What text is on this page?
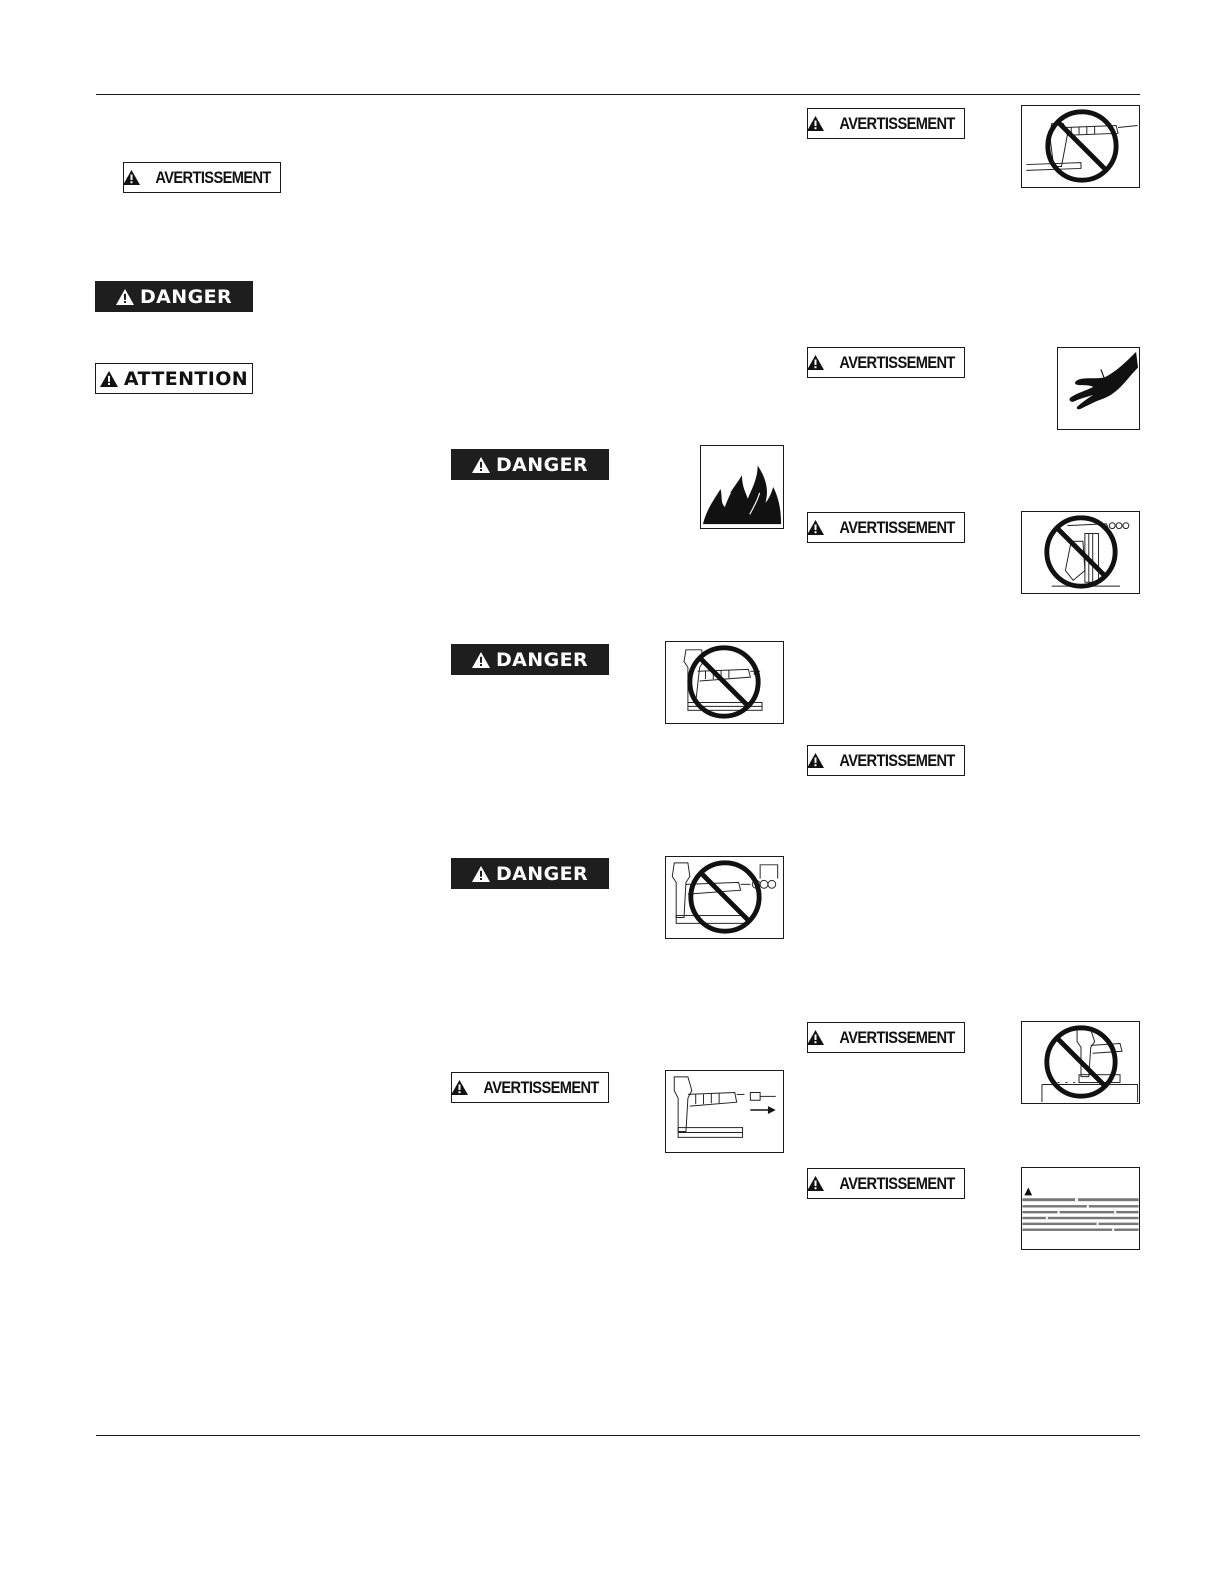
AVERTISSEMENT
DANGER
ATTENTION
DANGER
DANGER
DANGER
AVERTISSEMENT
AVERTISSEMENT
AVERTISSEMENT
AVERTISSEMENT
AVERTISSEMENT
AVERTISSEMENT
AVERTISSEMENT
